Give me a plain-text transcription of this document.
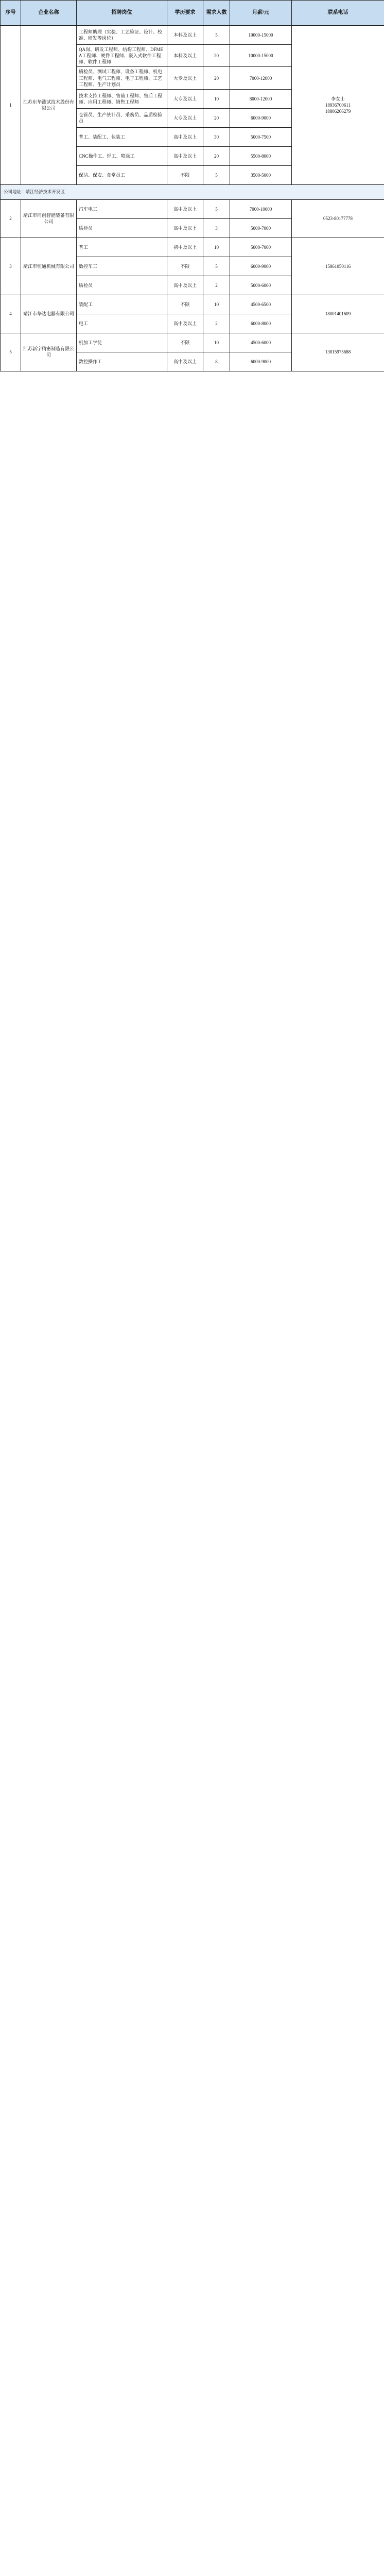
序号	企业名称	招聘岗位	学历要求	需求人数	月薪/元	联系电话
1	江苏东华测试技术股份有限公司	工程师助理（实验、工艺验证、设计、校准、研发等岗位）	本科及以上	5	10000-15000	李女士
18936700611
18806266279
		QA岗、研发工程师、结构工程师、DFMEA工程师、硬件工程师、嵌入式软件工程师、软件工程师	本科及以上	20	10000-15000	
		质检员、测试工程师、设备工程师、机电工程师、电气工程师、电子工程师、工艺工程师、生产计划员	大专及以上	20	7000-12000	
		技术支持工程师、售前工程师、售后工程师、应用工程师、销售工程师	大专及以上	10	8000-12000	
		仓管员、生产统计员、采购员、品质检验员	大专及以上	20	6000-9000	
		普工、装配工、包装工	高中及以上	30	5000-7500	
		CNC操作工、焊工、喷涂工	高中及以上	20	5500-8000	
		保洁、保安、食堂员工	不限	5	3500-5000	
公司地址：靖江经济技术开发区						
2	靖江市同创智能装备有限公司	汽车电工	高中及以上	5	7000-10000	0523-80177778
		质检员	高中及以上	3	5000-7000	
3	靖江市恒通机械有限公司	普工	初中及以上	10	5000-7000	15861050116
		数控车工	不限	5	6000-9000	
		质检员	高中及以上	2	5000-6000	
4	靖江市华达电器有限公司	装配工	不限	10	4500-6500	18001401609
		电工	高中及以上	2	6000-8000	
5	江苏新宇精密制造有限公司	机加工学徒	不限	10	4500-6000	13815975688
		数控操作工	高中及以上	8	6000-9000	
